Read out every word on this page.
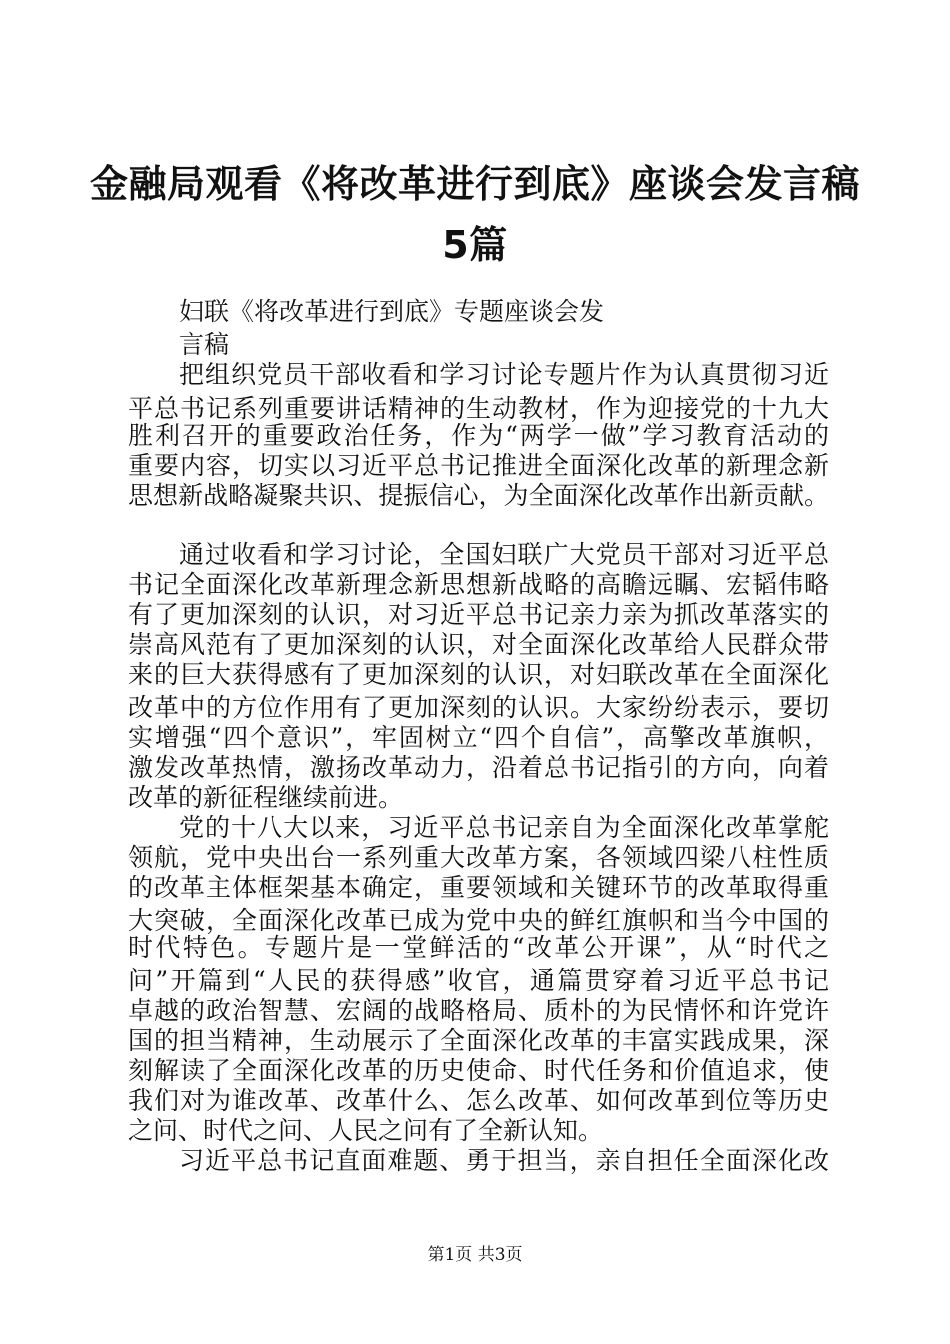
金融局观看《将改革进行到底》座谈会发言稿
5篇
妇联《将改革进行到底》专题座谈会发
言稿
把组织党员干部收看和学习讨论专题片作为认真贯彻习近
平总书记系列重要讲话精神的生动教材，作为迎接党的十九大
胜利召开的重要政治任务，作为“两学一做”学习教育活动的
重要内容，切实以习近平总书记推进全面深化改革的新理念新
思想新战略凝聚共识、提振信心，为全面深化改革作出新贡献。
通过收看和学习讨论，全国妇联广大党员干部对习近平总
书记全面深化改革新理念新思想新战略的高瞻远瞩、宏韬伟略
有了更加深刻的认识，对习近平总书记亲力亲为抓改革落实的
崇高风范有了更加深刻的认识，对全面深化改革给人民群众带
来的巨大获得感有了更加深刻的认识，对妇联改革在全面深化
改革中的方位作用有了更加深刻的认识。大家纷纷表示，要切
实增强“四个意识”，牢固树立“四个自信”，高擎改革旗帜，
激发改革热情，激扬改革动力，沿着总书记指引的方向，向着
改革的新征程继续前进。
党的十八大以来，习近平总书记亲自为全面深化改革掌舵
领航，党中央出台一系列重大改革方案，各领域四梁八柱性质
的改革主体框架基本确定，重要领域和关键环节的改革取得重
大突破，全面深化改革已成为党中央的鲜红旗帜和当今中国的
时代特色。专题片是一堂鲜活的“改革公开课”，从“时代之
问”开篇到“人民的获得感”收官，通篇贯穿着习近平总书记
卓越的政治智慧、宏阔的战略格局、质朴的为民情怀和许党许
国的担当精神，生动展示了全面深化改革的丰富实践成果，深
刻解读了全面深化改革的历史使命、时代任务和价值追求，使
我们对为谁改革、改革什么、怎么改革、如何改革到位等历史
之问、时代之问、人民之问有了全新认知。
习近平总书记直面难题、勇于担当，亲自担任全面深化改
第1页 共3页
